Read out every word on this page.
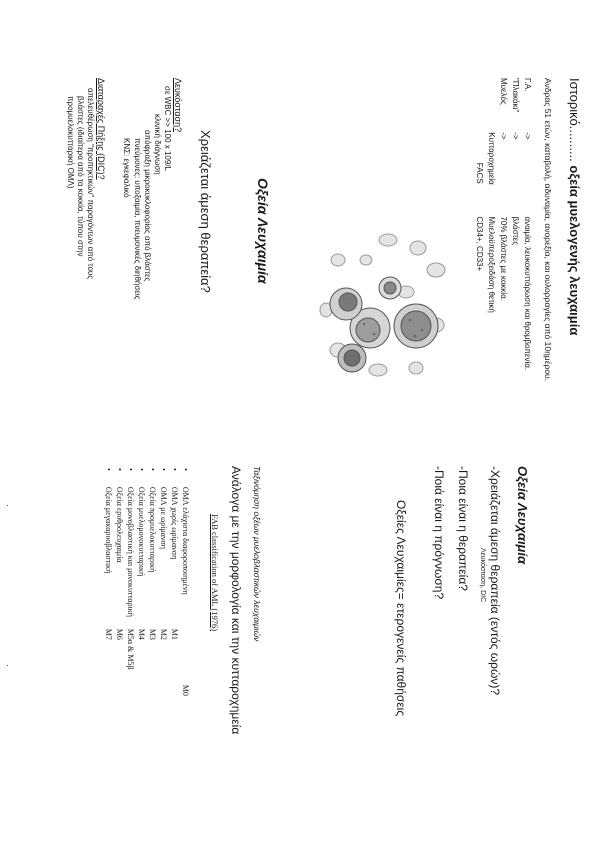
Ιστορικό.......... οξεία μυελογενής λευχαιμία
Ανδρας 51 ετών, καταβολή, αδυναμία, ανορεξία, και ουλορραγίες από 10ημέρου.
Γ.Α. -> αναιμία, λευκοκυττάρωση και θρομβοπενία.
"Πλακάκι" -> βλάστες
Μυελός -> 70% βλάστες με κοκκία.
Κυτταροχημεία Μυελοϋπεροξειδάση θετική
FACS CD34+, CD33+
Οξεία Λευχαιμία
Χρειάζεται άμεση θεραπεία?
Λευκόσταση?
σε WBC >> 100 x 109/L
κλινική διάγνωση
απόφραξη μικροκυκλοφορίας από βλάστες
πνεύμονες: υποξαιμία, πνευμονικές διηθήσεις
ΚΝΣ: εγκεφαλικό
Διαταραχές Πήξης (DIC)?
απελευθέρωση "προπηκτικών" παραγόντων από τους
βλάστες (ιδιαίτερα από τα κοκκία, τύπου στην
προμυελοκυτταρική ΟΜΛ)
Οξεία Λευχαιμία
-Χρειάζεται άμεση θεραπεία (εντός ωρών)?
Λευκόσταση, DIC
-Ποια είναι η θεραπεία?
-Ποιά είναι η πρόγνωση?
Οξείες Λευχαιμίες= ετερογενείς παθήσεις
Ταξινόμηση οξέων μυελοβλαστικών λευχαιμιών
Ανάλογα με την μορφολογία και την κυτταροχημεία
FAB classification of AML (1976)
• ΟΜΛ ελάχιστα διαφοροποιημένη M0
• ΟΜΛ χωρίς ωρίμανση M1
• ΟΜΛ με ωρίμανση M2
• Οξεία προμυελοκυτταρική M3
• Οξεία μυελομονοκυτταρική M4
• Οξεία μονοβλαστική και μονοκυτταρική M5α & M5β
• Οξεία ερυθρολευχαιμία M6
• Οξεία μεγακαρυοβλαστική M7
·
·
